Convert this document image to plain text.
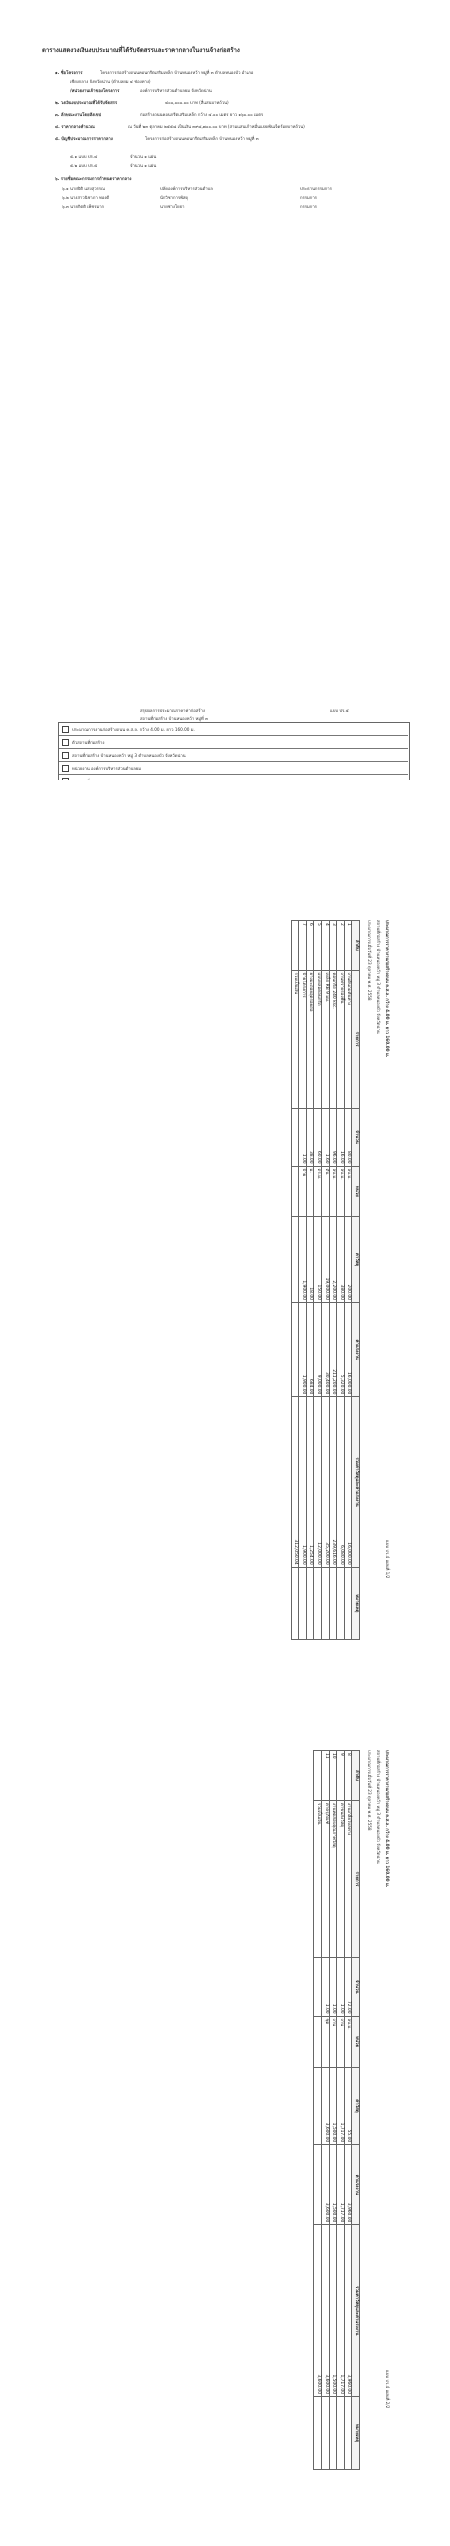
ตารางแสดงวงเงินงบประมาณที่ได้รับจัดสรรและราคากลางในงานจ้างก่อสร้าง
๑. ชื่อโครงการ	โครงการก่อสร้างถนนคอนกรีตเสริมเหล็ก บ้านหนองหว้า หมู่ที่ ๓ ตำบลหนองบัว อำเภอ
เชียงกลาง จังหวัดน่าน (ตำบลยม ๔ ช่องทาง)
/หน่วยงานเจ้าของโครงการ	องค์การบริหารส่วนตำบลยม จังหวัดน่าน
๒. วงเงินงบประมาณที่ได้รับจัดสรร	๔๐๐,๐๐๐.๐๐ บาท (สี่แสนบาทถ้วน)
๓. ลักษณะงานโดยสังเขป	ก่อสร้างถนนคอนกรีตเสริมเหล็ก กว้าง ๔.๐๐ เมตร ยาว ๑๖๐.๐๐ เมตร
๔. ราคากลางคำนวณ	ณ วันที่ ๒๓ ตุลาคม ๒๕๕๘ เป็นเงิน ๓๙๘,๗๐๐.๐๐ บาท (สามแสนเก้าหมื่นแปดพันเจ็ดร้อยบาทถ้วน)
๕. บัญชีประมาณการราคากลาง	โครงการก่อสร้างถนนคอนกรีตเสริมเหล็ก บ้านหนองหว้า หมู่ที่ ๓
๕.๑ แบบ ปร.๔	จำนวน ๑ แผ่น
๕.๒ แบบ ปร.๕	จำนวน ๑ แผ่น
๖. รายชื่อคณะกรรมการกำหนดราคากลาง
๖.๑ นายปิติ แสงสุวรรณ	ปลัดองค์การบริหารส่วนตำบล	ประธานกรรมการ
๖.๒ นางสาวนิชาภา ทองดี	นักวิชาการพัสดุ	กรรมการ
๖.๓ นายกิตติ เพ็ชรมาก	นายช่างโยธา	กรรมการ
สรุปผลการประมาณราคาค่าก่อสร้าง	แบบ ปร.๕
สถานที่ก่อสร้าง บ้านหนองหว้า หมู่ที่ ๓
ประมาณการงานก่อสร้างถนน ค.ส.ล. กว้าง 4.00 ม. ยาว 160.00 ม.
ตัวสถานที่ก่อสร้าง
สถานที่ก่อสร้าง บ้านหนองหว้า หมู่ 3 ตำบลหนองบัว จังหวัดน่าน
หน่วยงาน องค์การบริหารส่วนตำบลยม

แบบ ปร.4 แผ่นที่ 1/2
ประมาณการราคางานก่อสร้างถนน ค.ส.ล. กว้าง 4.00 ม. ยาว 160.00 ม.
สถานที่ก่อสร้าง บ้านหนองหว้า หมู่ 3 ตำบลหนองบัว จังหวัดน่าน
ประมาณการเมื่อวันที่ 23 ตุลาคม พ.ศ. 2558
ลำดับ	รายการ	จำนวน	หน่วย	ค่าวัสดุ	ค่าแรงงาน	รวมค่าวัสดุและค่าแรงงาน	หมายเหตุ
1	งานดินถมคันทาง	80.00	ลบ.ม.	200.00	16,000.00	16,000.00	
2	งานทรายรองพื้น	16.00	ลบ.ม.	380.00	5,320.00	6,080.00	
3	คอนกรีต 240 ksc.	96.00	ลบ.ม.	2,200.00	211,200.00	239,616.00	
4	เหล็ก RB 9 มม.	1.60	ตัน	19,000.00	30,400.00	35,200.00	
5	แบบหล่อคอนกรีต	60.00	ตร.ม.	150.00	9,000.00	12,000.00	
6	ยางมะตอยอุดรอยต่อ	38.00	ม.	18.00	684.00	1,254.00	
7	ป้ายโครงการ	1.00	ป้าย	1,900.00	1,900.00	1,900.00	
	รวมเป็นเงิน					312,050.04	
แบบ ปร.4 แผ่นที่ 2/2
ประมาณการราคางานก่อสร้างถนน ค.ส.ล. กว้าง 4.00 ม. ยาว 160.00 ม.
สถานที่ก่อสร้าง บ้านหนองหว้า หมู่ 3 ตำบลหนองบัว จังหวัดน่าน
ประมาณการเมื่อวันที่ 23 ตุลาคม พ.ศ. 2558
ลำดับ	รายการ	จำนวน	หน่วย	ค่าวัสดุ	ค่าแรงงาน	รวมค่าวัสดุและค่าแรงงาน	หมายเหตุ
8	งานเกลี่ยไหล่ทาง	72.00	ลบ.ม.	55.00	3,960.00	3,960.00	
9	ค่าขนส่งวัสดุ	1.00	งาน	1,717.00	1,717.00	1,717.00	
10	งานทดสอบคุณภาพวัสดุ	1.00	งาน	1,500.00	1,500.00	1,500.00	
11	ค่าครุภัณฑ์	1.00	ชุด	3,600.00	3,600.00	3,600.00	
	รวมเป็นเงิน					3,600.00	
